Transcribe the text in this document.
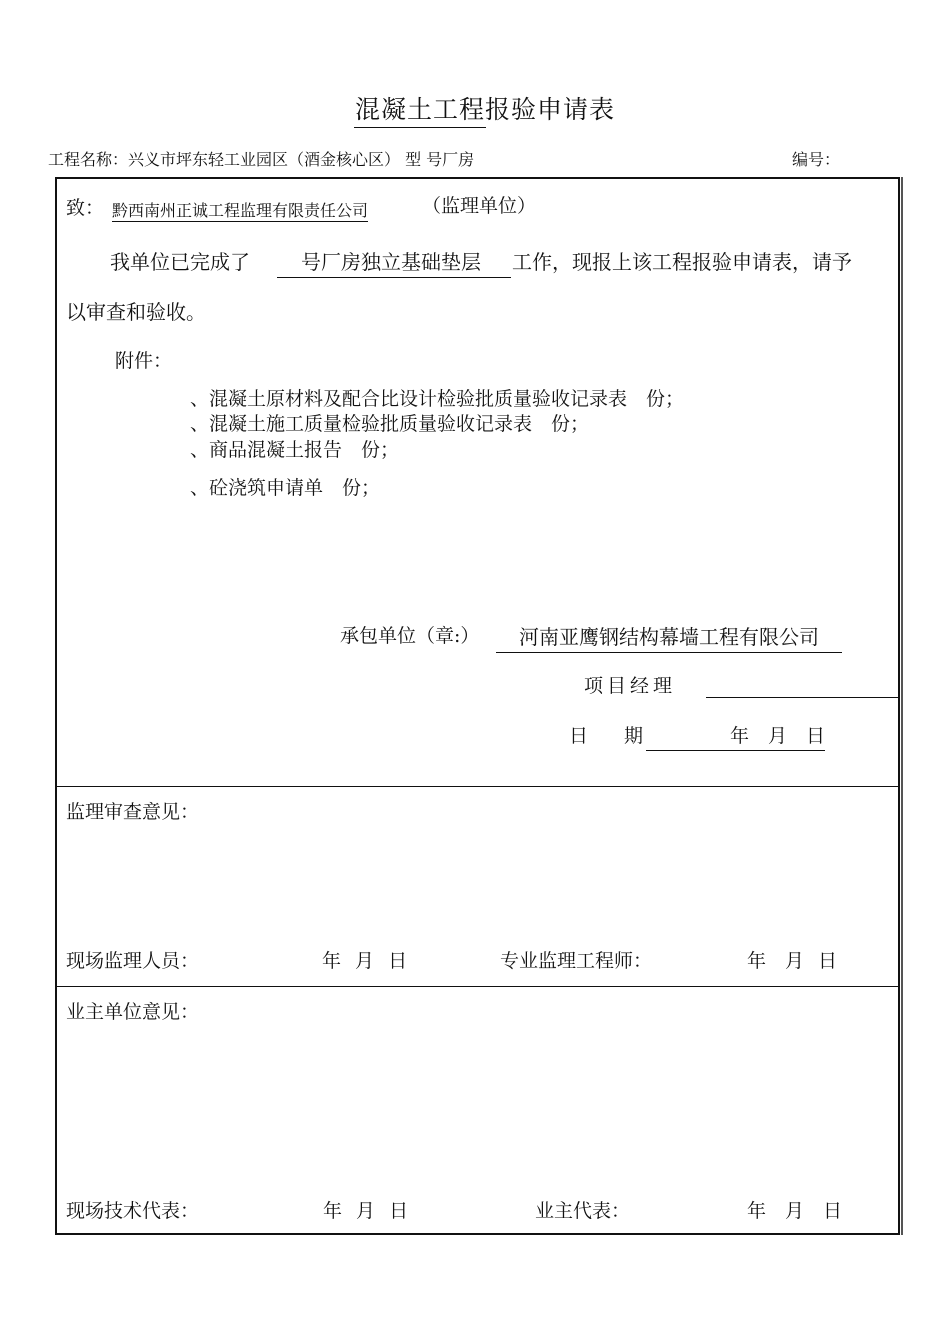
混凝土工程报验申请表
工程名称：兴义市坪东轻工业园区（酒金核心区） 型 号厂房	编号：
致： 黔西南州正诚工程监理有限责任公司	（监理单位）
我单位已完成了	号厂房独立基础垫层	工作，现报上该工程报验申请表，请予
以审查和验收。
附件：
、混凝土原材料及配合比设计检验批质量验收记录表　份；
、混凝土施工质量检验批质量验收记录表　份；
、商品混凝土报告　份；
、砼浇筑申请单　份；
承包单位（章:）	河南亚鹰钢结构幕墙工程有限公司
项目经理
日期	年　月　日
监理审查意见：
现场监理人员：	年 月 日	专业监理工程师：	年　月 日
业主单位意见：
现场技术代表：	年 月 日	业主代表：	年　月　日
